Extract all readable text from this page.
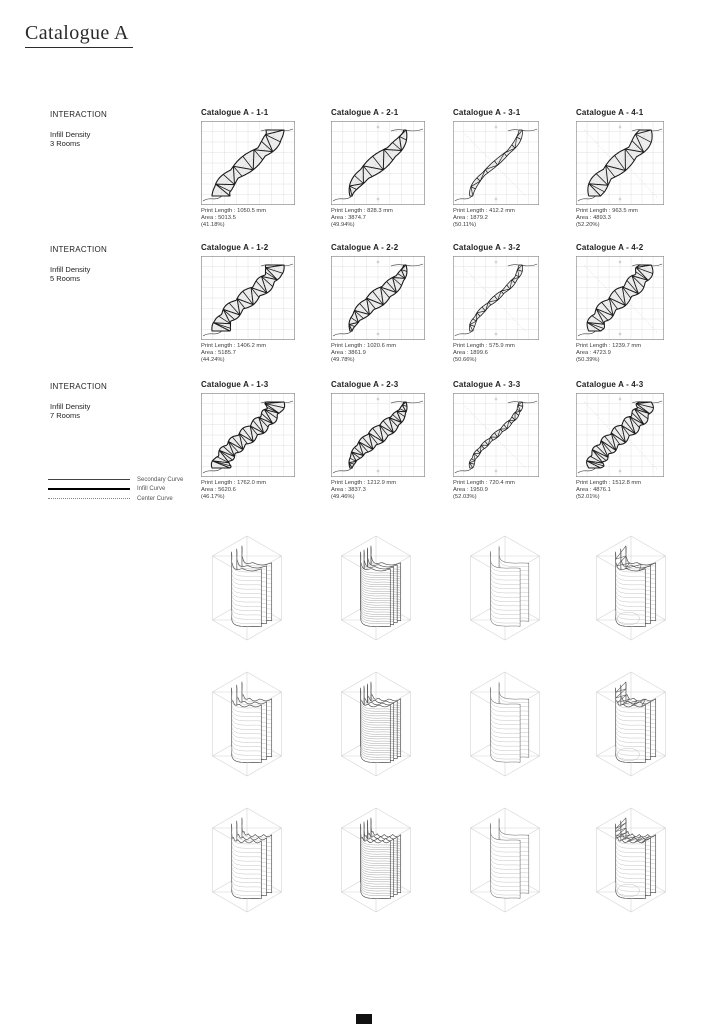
Catalogue A
INTERACTION
Infill Density
3 Rooms
INTERACTION
Infill Density
5 Rooms
INTERACTION
Infill Density
7 Rooms
Catalogue A - 1-1
Print Length : 1050.5 mm
Area : 5013.5
(41.18%)
Catalogue A - 2-1
Print Length : 828.3 mm
Area : 3874.7
(49.94%)
Catalogue A - 3-1
Print Length : 412.2 mm
Area : 1879.2
(50.11%)
Catalogue A - 4-1
Print Length : 963.5 mm
Area : 4893.3
(52.20%)
Catalogue A - 1-2
Print Length : 1406.2 mm
Area : 5185.7
(44.24%)
Catalogue A - 2-2
Print Length : 1020.6 mm
Area : 3861.9
(49.78%)
Catalogue A - 3-2
Print Length : 575.9 mm
Area : 1899.6
(50.66%)
Catalogue A - 4-2
Print Length : 1239.7 mm
Area : 4723.9
(50.39%)
Catalogue A - 1-3
Print Length : 1762.0 mm
Area : 5620.6
(46.17%)
Catalogue A - 2-3
Print Length : 1212.9 mm
Area : 3837.3
(49.46%)
Catalogue A - 3-3
Print Length : 720.4 mm
Area : 1950.9
(52.03%)
Catalogue A - 4-3
Print Length : 1512.8 mm
Area : 4876.1
(52.01%)
Secondary Curve
Infill Curve
Center Curve
